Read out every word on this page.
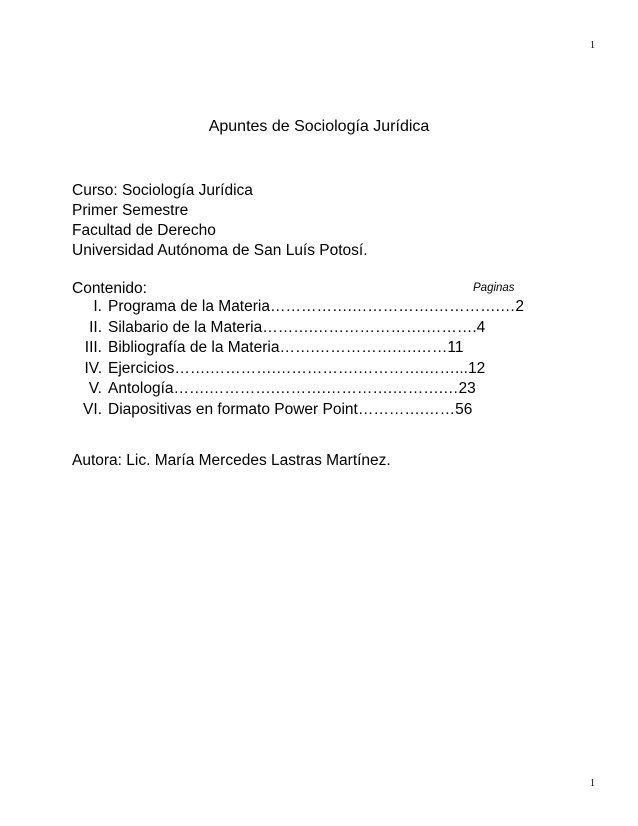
1
Apuntes de Sociología Jurídica
Curso: Sociología Jurídica
Primer Semestre
Facultad de Derecho
Universidad Autónoma de San Luís Potosí.
Contenido:	Paginas
I. Programa de la Materia…………….…………….………….…2
II. Silabario de la Materia……….………………….……….4
III. Bibliografía de la Materia…….…………….….……11
IV. Ejercicios…….………….…………….………….……...12
V. Antología…….………….……….………….……….…23
VI. Diapositivas en formato Power Point………….……56
Autora: Lic. María Mercedes Lastras Martínez.
1
